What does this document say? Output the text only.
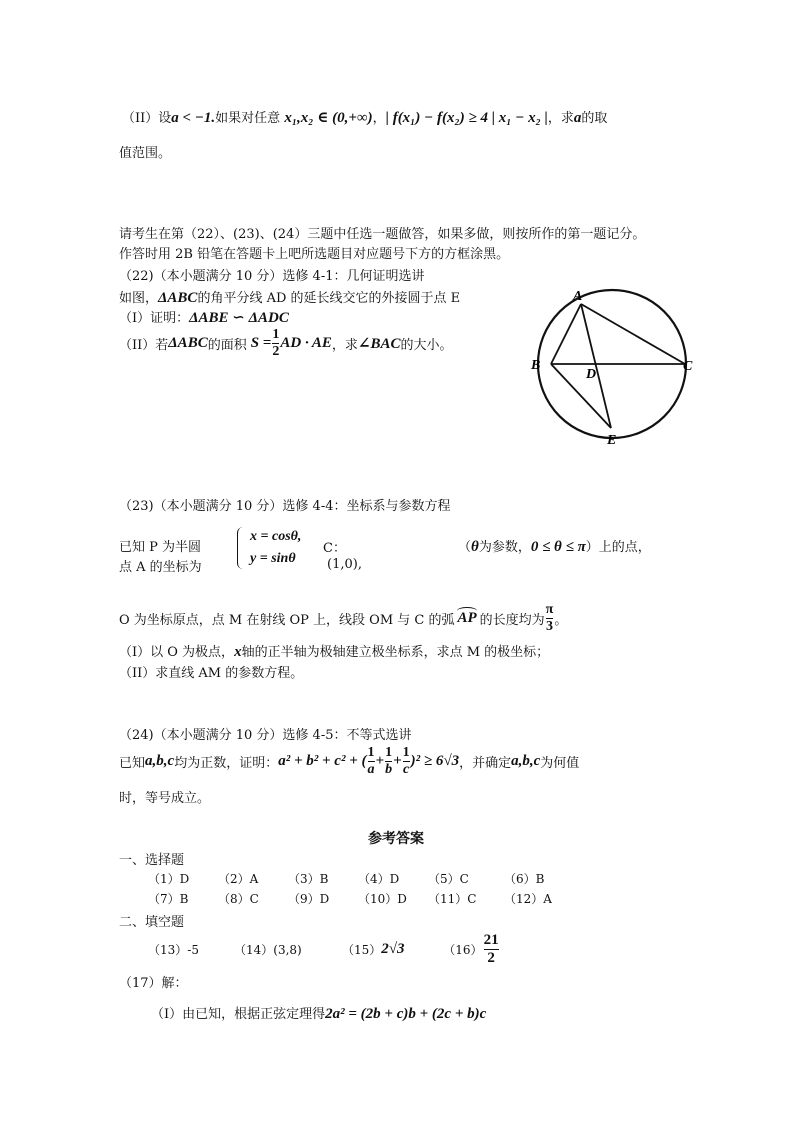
（II）设a < −1.如果对任意 x₁,x₂ ∈ (0,+∞)，| f(x₁) − f(x₂) ≥ 4 | x₁ − x₂ |，求a的取
值范围。
请考生在第（22）、(23)、(24）三题中任选一题做答，如果多做，则按所作的第一题记分。
作答时用 2B 铅笔在答题卡上吧所选题目对应题号下方的方框涂黑。
（22)（本小题满分 10 分）选修 4-1：几何证明选讲
如图，ΔABC的角平分线 AD 的延长线交它的外接圆于点 E
（I）证明：ΔABE ∽ ΔADC
（II）若 ΔABC 的面积 $S = \frac{1}{2}$ AD · AE ，求 ∠BAC 的大小。
A
B	C
D
E
（23)（本小题满分 10 分）选修 4-4：坐标系与参数方程
已知 P 为半圆
点 A 的坐标为
x = cosθ,
y = sinθ
C：
(1,0),
（θ为参数，0 ≤ θ ≤ π）上的点，
O 为坐标原点，点 M 在射线 OP 上，线段 OM 与 C 的弧 AP 的长度均为 $\frac{\pi}{3}$ 。
（I）以 O 为极点，x轴的正半轴为极轴建立极坐标系，求点 M 的极坐标；
（II）求直线 AM 的参数方程。
（24)（本小题满分 10 分）选修 4-5：不等式选讲
已知 a,b,c 均为正数，证明： a² + b² + c² + ( $\frac{1}{a} + \frac{1}{b} + \frac{1}{c} )^2 \ge 6√3$ ，并确定 a,b,c 为何值
时，等号成立。
参考答案
一、选择题
（1）D	（2）A	（3）B	（4）D	（5）C	（6）B
（7）B	（8）C	（9）D	（10）D	（11）C	（12）A
二、填空题
（13）-5	（14）(3,8)	（15） 2√3	$(16) \frac{21}{2}$
（17）解：
（Ⅰ）由已知，根据正弦定理得2a² = (2b + c)b + (2c + b)c
